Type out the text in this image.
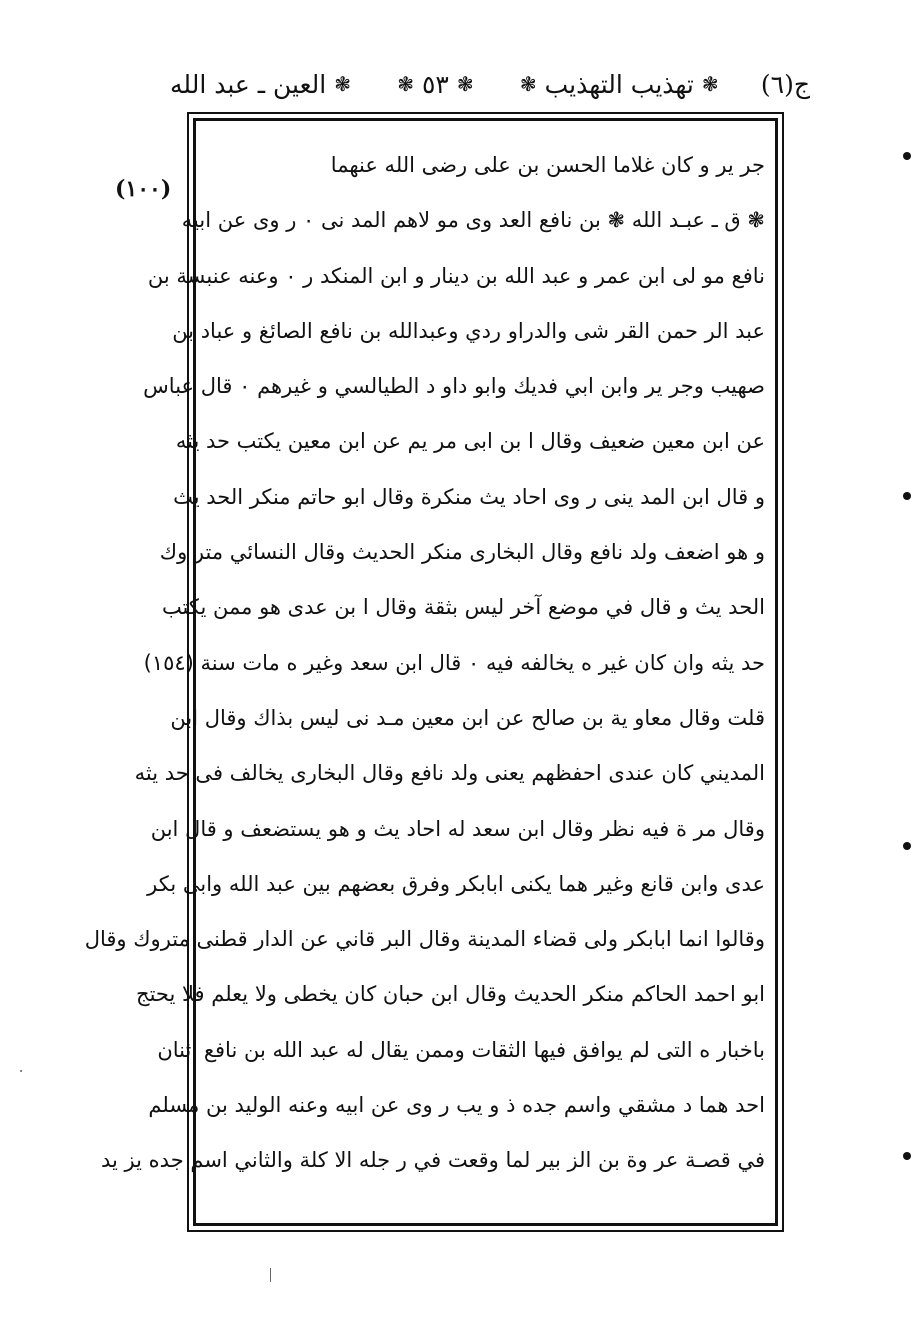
ج(٦)
❃
تهذيب التهذيب
❃
❃
٥٣
❃
❃
العين ـ عبد الله
(١٠٠)
جر ير و كان غلاما الحسن بن على رضى الله عنهما
❃ ق ـ عبـد الله ❃ بن نافع العد وى مو لاهم المد نى ٠ ر وى عن ابيه
نافع مو لى ابن عمر و عبد الله بن دينار و ابن المنكد ر ٠ وعنه عنبسة بن
عبد الر حمن القر شى والدراو ردي وعبدالله بن نافع الصائغ و عباد بن
صهيب وجر ير وابن ابي فديك وابو داو د الطيالسي و غيرهم ٠ قال عباس
عن ابن معين ضعيف وقال ا بن ابى مر يم عن ابن معين يكتب حد يثه
و قال ابن المد ينى ر وى احاد يث منكرة وقال ابو حاتم منكر الحد يث
و هو اضعف ولد نافع وقال البخارى منكر الحديث وقال النسائي متر وك
الحد يث و قال في موضع آخر ليس بثقة وقال ا بن عدى هو ممن يكتب
حد يثه وان كان غير ه يخالفه فيه ٠ قال ابن سعد وغير ه مات سنة (١٥٤)
قلت وقال معاو ية بن صالح عن ابن معين مـد نى ليس بذاك وقال ابن
المديني كان عندى احفظهم يعنى ولد نافع وقال البخارى يخالف فى حد يثه
وقال مر ة فيه نظر وقال ابن سعد له احاد يث و هو يستضعف و قال ابن
عدى وابن قانع وغير هما يكنى ابابكر وفرق بعضهم بين عبد الله وابى بكر
وقالوا انما ابابكر ولى قضاء المدينة وقال البر قاني عن الدار قطنى متروك وقال
ابو احمد الحاكم منكر الحديث وقال ابن حبان كان يخطى ولا يعلم فلا يحتج
باخبار ه التى لم يوافق فيها الثقات وممن يقال له عبد الله بن نافع اثنان
احد هما د مشقي واسم جده ذ و يب ر وى عن ابيه وعنه الوليد بن مسلم
في قصـة عر وة بن الز بير لما وقعت في ر جله الا كلة والثاني اسم جده يز يد
